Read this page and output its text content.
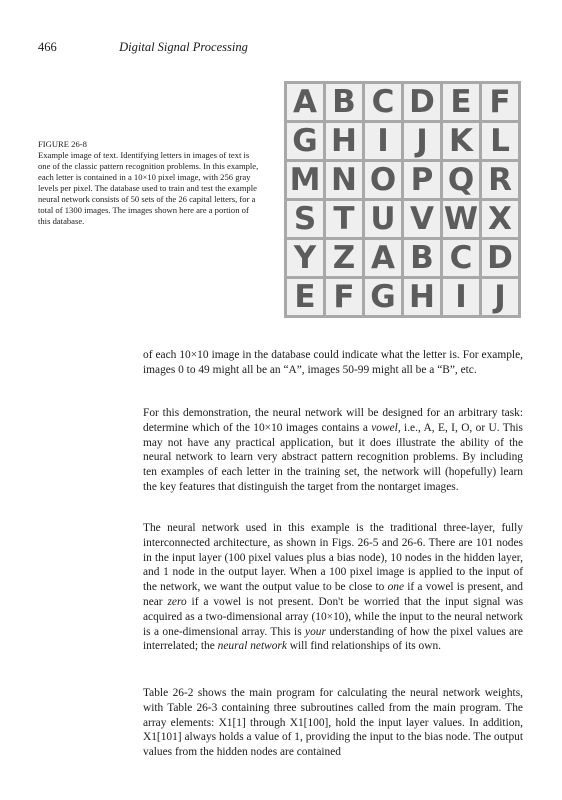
466	Digital Signal Processing
FIGURE 26-8
Example image of text. Identifying letters in images of text is one of the classic pattern recognition problems. In this example, each letter is contained in a 10×10 pixel image, with 256 gray levels per pixel. The database used to train and test the example neural network consists of 50 sets of the 26 capital letters, for a total of 1300 images. The images shown here are a portion of this database.
A B C D E F
G H I J K L
M N O P Q R
S T U V W X
Y Z A B C D
E F G H I J

of each 10×10 image in the database could indicate what the letter is. For example, images 0 to 49 might all be an “A”, images 50-99 might all be a “B”, etc.

For this demonstration, the neural network will be designed for an arbitrary task: determine which of the 10×10 images contains a vowel, i.e., A, E, I, O, or U. This may not have any practical application, but it does illustrate the ability of the neural network to learn very abstract pattern recognition problems. By including ten examples of each letter in the training set, the network will (hopefully) learn the key features that distinguish the target from the nontarget images.

The neural network used in this example is the traditional three-layer, fully interconnected architecture, as shown in Figs. 26-5 and 26-6. There are 101 nodes in the input layer (100 pixel values plus a bias node), 10 nodes in the hidden layer, and 1 node in the output layer. When a 100 pixel image is applied to the input of the network, we want the output value to be close to one if a vowel is present, and near zero if a vowel is not present. Don't be worried that the input signal was acquired as a two-dimensional array (10×10), while the input to the neural network is a one-dimensional array. This is your understanding of how the pixel values are interrelated; the neural network will find relationships of its own.

Table 26-2 shows the main program for calculating the neural network weights, with Table 26-3 containing three subroutines called from the main program. The array elements: X1[1] through X1[100], hold the input layer values. In addition, X1[101] always holds a value of 1, providing the input to the bias node. The output values from the hidden nodes are contained
